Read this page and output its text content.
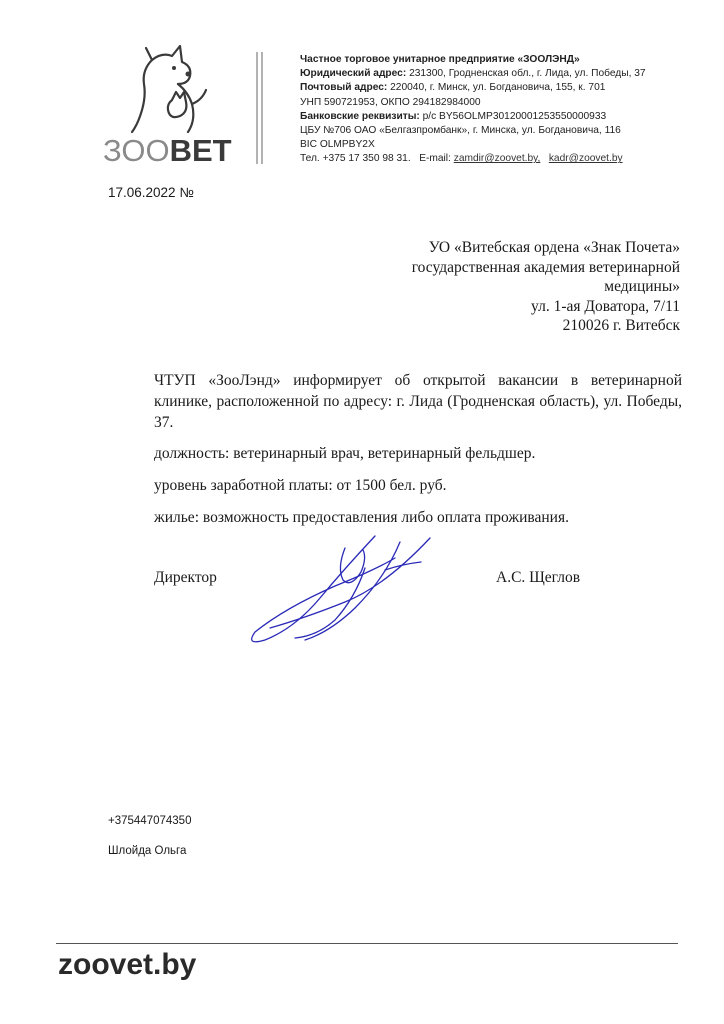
ЗООВЕТ
Частное торговое унитарное предприятие «ЗООЛЭНД»
Юридический адрес: 231300, Гродненская обл., г. Лида, ул. Победы, 37
Почтовый адрес: 220040, г. Минск, ул. Богдановича, 155, к. 701
УНП 590721953, ОКПО 294182984000
Банковские реквизиты: р/с BY56OLMP30120001253550000933
ЦБУ №706 ОАО «Белгазпромбанк», г. Минска, ул. Богдановича, 116
BIC OLMPBY2X
Тел. +375 17 350 98 31. E-mail: zamdir@zoovet.by, kadr@zoovet.by
17.06.2022 №
УО «Витебская ордена «Знак Почета»
государственная академия ветеринарной
медицины»
ул. 1-ая Доватора, 7/11
210026 г. Витебск
ЧТУП «ЗооЛэнд» информирует об открытой вакансии в ветеринарной клинике, расположенной по адресу: г. Лида (Гродненская область), ул. Победы, 37.
должность: ветеринарный врач, ветеринарный фельдшер.
уровень заработной платы: от 1500 бел. руб.
жилье: возможность предоставления либо оплата проживания.
Директор	А.С. Щеглов
+375447074350
Шлойда Ольга
zoovet.by
